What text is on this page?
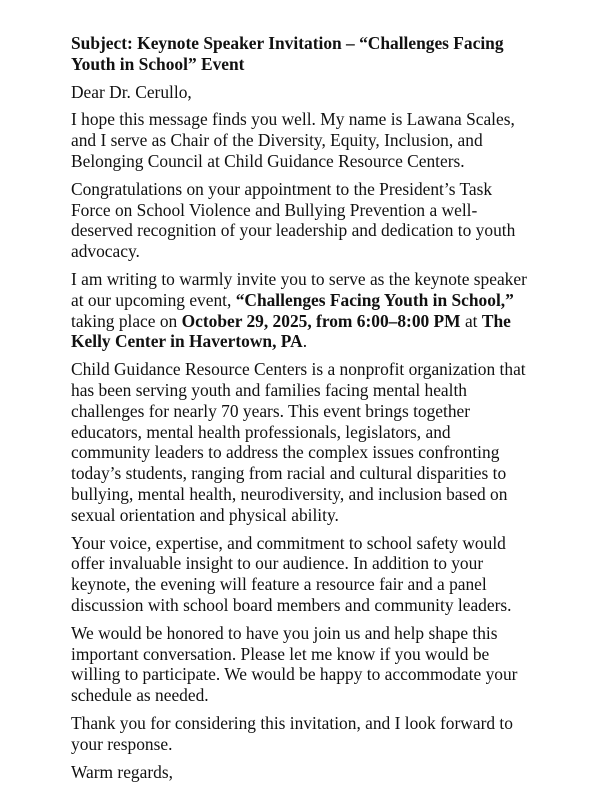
Subject: Keynote Speaker Invitation – “Challenges Facing Youth in School” Event

Dear Dr. Cerullo,

I hope this message finds you well. My name is Lawana Scales, and I serve as Chair of the Diversity, Equity, Inclusion, and Belonging Council at Child Guidance Resource Centers.

Congratulations on your appointment to the President’s Task Force on School Violence and Bullying Prevention a well-deserved recognition of your leadership and dedication to youth advocacy.

I am writing to warmly invite you to serve as the keynote speaker at our upcoming event, “Challenges Facing Youth in School,” taking place on October 29, 2025, from 6:00–8:00 PM at The Kelly Center in Havertown, PA.

Child Guidance Resource Centers is a nonprofit organization that has been serving youth and families facing mental health challenges for nearly 70 years. This event brings together educators, mental health professionals, legislators, and community leaders to address the complex issues confronting today’s students, ranging from racial and cultural disparities to bullying, mental health, neurodiversity, and inclusion based on sexual orientation and physical ability.

Your voice, expertise, and commitment to school safety would offer invaluable insight to our audience. In addition to your keynote, the evening will feature a resource fair and a panel discussion with school board members and community leaders.

We would be honored to have you join us and help shape this important conversation. Please let me know if you would be willing to participate. We would be happy to accommodate your schedule as needed.

Thank you for considering this invitation, and I look forward to your response.

Warm regards,
